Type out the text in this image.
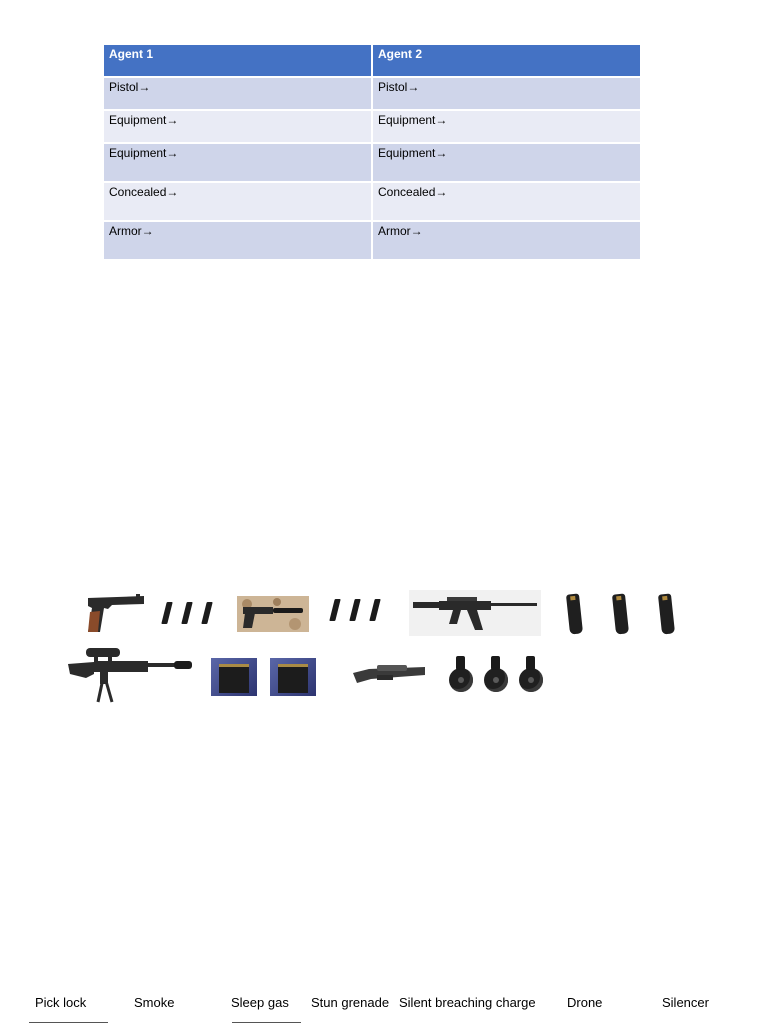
Agent 1	Agent 2
Pistol→	Pistol→
Equipment→	Equipment→
Equipment→	Equipment→
Concealed→	Concealed→
Armor→	Armor→
Pick lock	Smoke	Sleep gas Stun grenade Silent breaching charge Drone	Silencer
